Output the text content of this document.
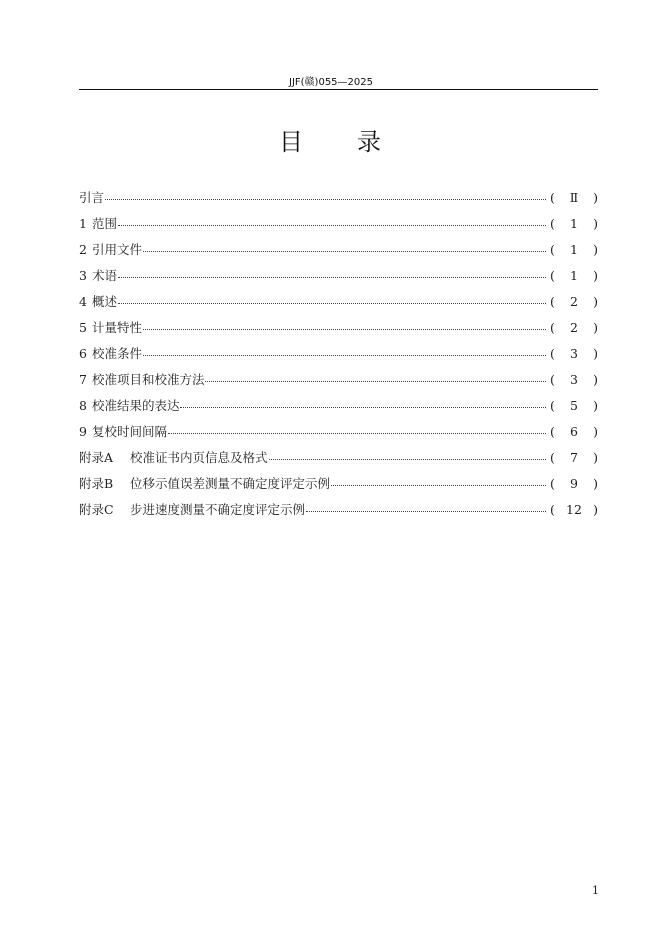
JJF(赣)055—2025
目 录
引言	(	Ⅱ	)
1 范围	(	1	)
2 引用文件	(	1	)
3 术语	(	1	)
4 概述	(	2	)
5 计量特性	(	2	)
6 校准条件	(	3	)
7 校准项目和校准方法	(	3	)
8 校准结果的表达	(	5	)
9 复校时间间隔	(	6	)
附录A 校准证书内页信息及格式	(	7	)
附录B 位移示值误差测量不确定度评定示例	(	9	)
附录C 步进速度测量不确定度评定示例	( 12 )
1
